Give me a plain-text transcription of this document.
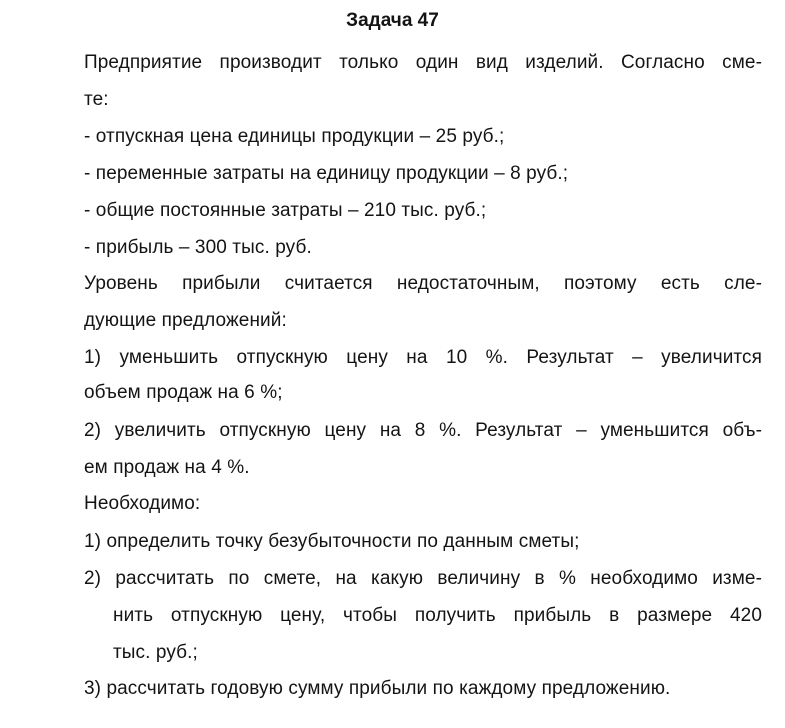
Задача 47
Предприятие производит только один вид изделий. Согласно сме-
те:
- отпускная цена единицы продукции – 25 руб.;
- переменные затраты на единицу продукции – 8 руб.;
- общие постоянные затраты – 210 тыс. руб.;
- прибыль – 300 тыс. руб.
Уровень прибыли считается недостаточным, поэтому есть сле-
дующие предложений:
1) уменьшить отпускную цену на 10 %. Результат – увеличится
объем продаж на 6 %;
2) увеличить отпускную цену на 8 %. Результат – уменьшится объ-
ем продаж на 4 %.
Необходимо:
1) определить точку безубыточности по данным сметы;
2) рассчитать по смете, на какую величину в % необходимо изме-
нить отпускную цену, чтобы получить прибыль в размере 420
тыс. руб.;
3) рассчитать годовую сумму прибыли по каждому предложению.
